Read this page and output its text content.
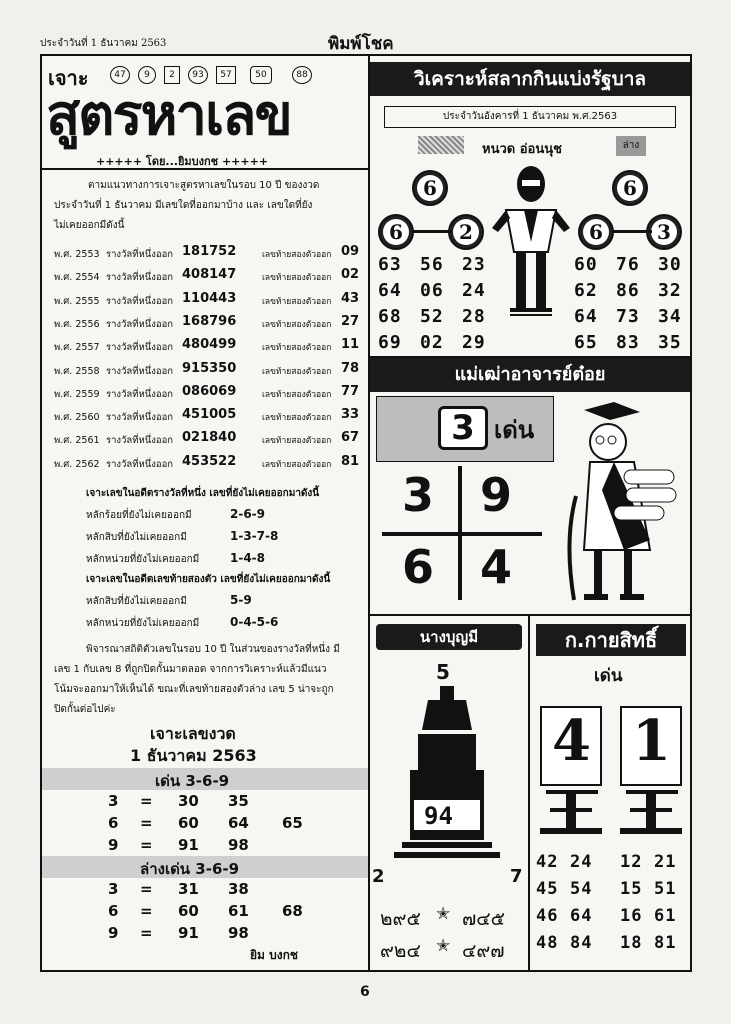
ประจำวันที่ 1 ธันวาคม 2563	พิมพ์โชค
เจาะ	47	9	2	93	57	50	88
สูตรหาเลข
+++++ โดย...ยิมบงกช +++++
ตามแนวทางการเจาะสูตรหาเลขในรอบ 10 ปี ของงวด
ประจำวันที่ 1 ธันวาคม มีเลขใดที่ออกมาบ้าง และ เลขใดที่ยัง
ไม่เคยออกมีดังนี้
พ.ศ. 2553 รางวัลที่หนึ่งออก 181752	เลขท้ายสองตัวออก 09
พ.ศ. 2554 รางวัลที่หนึ่งออก 408147	เลขท้ายสองตัวออก 02
พ.ศ. 2555 รางวัลที่หนึ่งออก 110443	เลขท้ายสองตัวออก 43
พ.ศ. 2556 รางวัลที่หนึ่งออก 168796	เลขท้ายสองตัวออก 27
พ.ศ. 2557 รางวัลที่หนึ่งออก 480499	เลขท้ายสองตัวออก 11
พ.ศ. 2558 รางวัลที่หนึ่งออก 915350	เลขท้ายสองตัวออก 78
พ.ศ. 2559 รางวัลที่หนึ่งออก 086069	เลขท้ายสองตัวออก 77
พ.ศ. 2560 รางวัลที่หนึ่งออก 451005	เลขท้ายสองตัวออก 33
พ.ศ. 2561 รางวัลที่หนึ่งออก 021840	เลขท้ายสองตัวออก 67
พ.ศ. 2562 รางวัลที่หนึ่งออก 453522	เลขท้ายสองตัวออก 81
เจาะเลขในอดีตรางวัลที่หนึ่ง เลขที่ยังไม่เคยออกมาดังนี้
หลักร้อยที่ยังไม่เคยออกมี	2-6-9
หลักสิบที่ยังไม่เคยออกมี	1-3-7-8
หลักหน่วยที่ยังไม่เคยออกมี	1-4-8
เจาะเลขในอดีตเลขท้ายสองตัว เลขที่ยังไม่เคยออกมาดังนี้
หลักสิบที่ยังไม่เคยออกมี	5-9
หลักหน่วยที่ยังไม่เคยออกมี	0-4-5-6
พิจารณาสถิติตัวเลขในรอบ 10 ปี ในส่วนของรางวัลที่หนึ่ง มี
เลข 1 กับเลข 8 ที่ถูกปิดกั้นมาตลอด จากการวิเคราะห์แล้วมีแนว
โน้มจะออกมาให้เห็นได้ ขณะที่เลขท้ายสองตัวล่าง เลข 5 น่าจะถูก
ปิดกั้นต่อไปค่ะ
เจาะเลขงวด
1 ธันวาคม 2563
เด่น 3-6-9
3 = 30 35
6 = 60 64 65
9 = 91 98
ล่างเด่น 3-6-9
3 = 31 38
6 = 60 61 68
9 = 91 98
ยิม บงกช
วิเคราะห์สลากกินแบ่งรัฐบาล
ประจำวันอังคารที่ 1 ธันวาคม พ.ศ.2563
หนวด อ่อนนุช	ล่าง
6
6	2
6
6	3
63 56 23
64 06 24
68 52 28
69 02 29
60 76 30
62 86 32
64 73 34
65 83 35
แม่เฒ่าอาจารย์ต๋อย
3 เด่น
3 9
6 4
นางบุญมี
5
94
2	7
๒๙๕ ✭ ๗๔๕
๙๒๔ ✭ ๔๙๗
ก.กายสิทธิ์
เด่น
4 1
42 24
45 54
46 64
48 84
12 21
15 51
16 61
18 81
6
